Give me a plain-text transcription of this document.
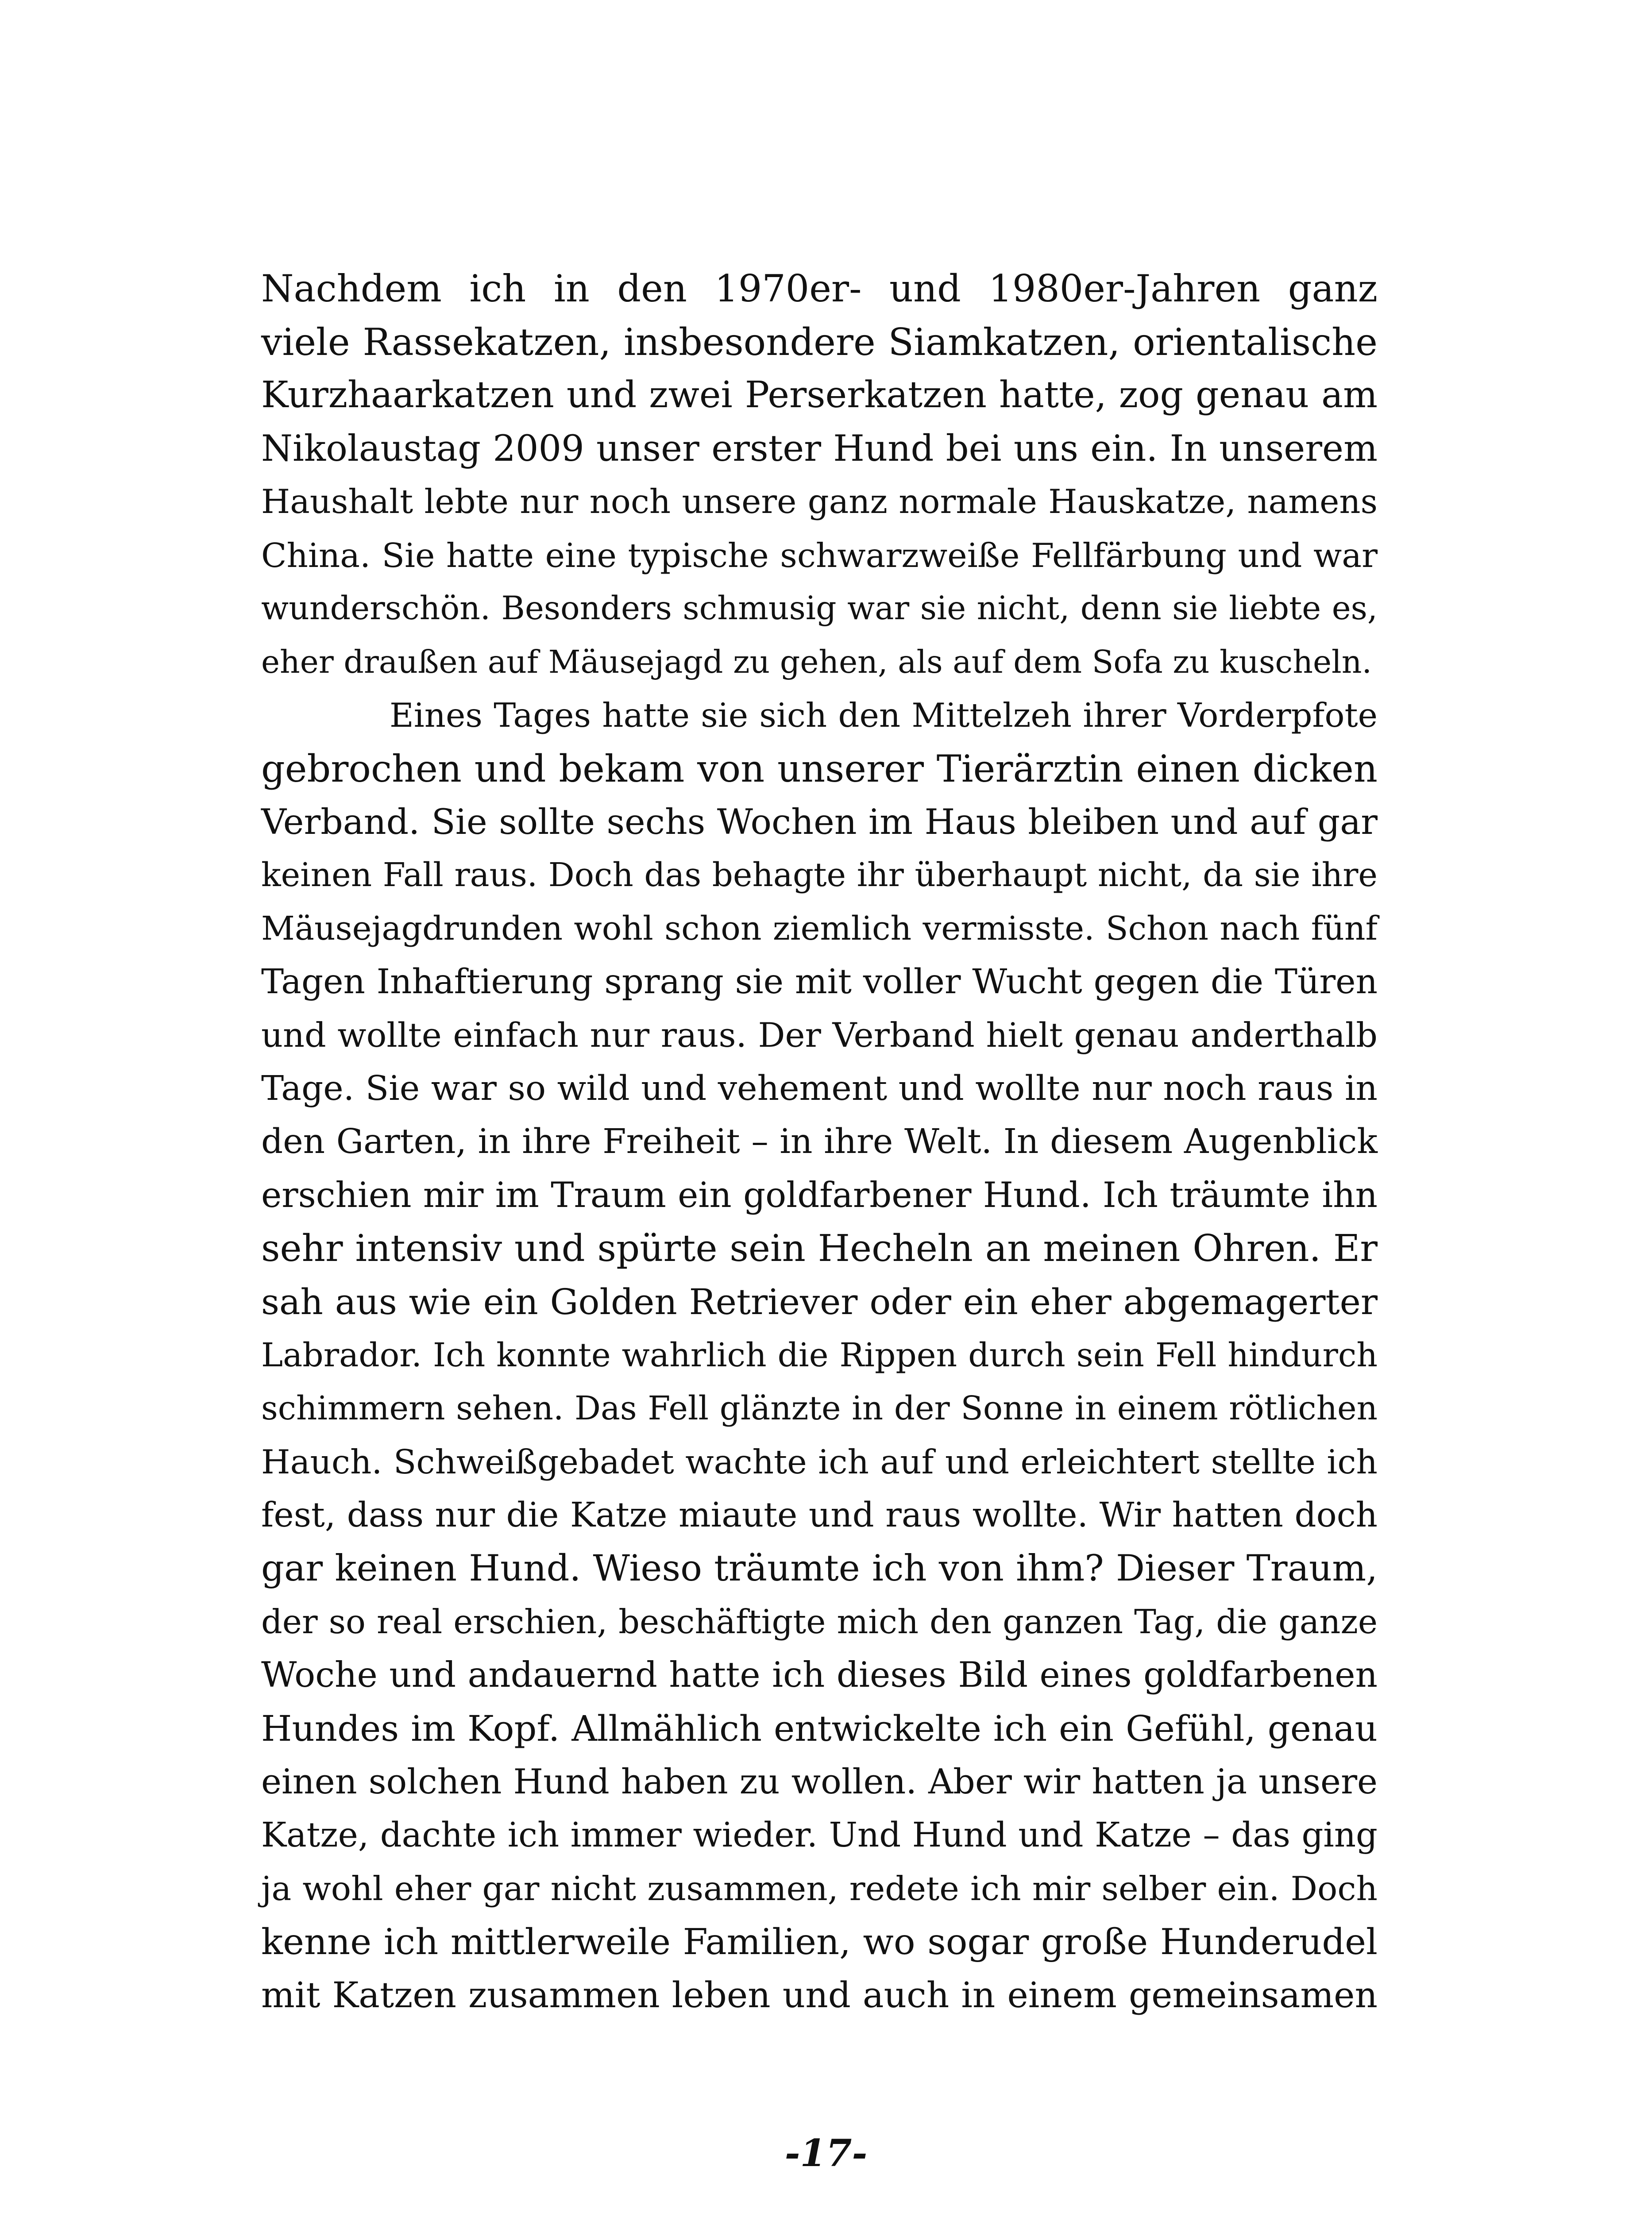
Nachdem ich in den 1970er- und 1980er-Jahren ganz
viele Rassekatzen, insbesondere Siamkatzen, orientalische
Kurzhaarkatzen und zwei Perserkatzen hatte, zog genau am
Nikolaustag 2009 unser erster Hund bei uns ein. In unserem
Haushalt lebte nur noch unsere ganz normale Hauskatze, namens
China. Sie hatte eine typische schwarzweiße Fellfärbung und war
wunderschön. Besonders schmusig war sie nicht, denn sie liebte es,
eher draußen auf Mäusejagd zu gehen, als auf dem Sofa zu kuscheln.
Eines Tages hatte sie sich den Mittelzeh ihrer Vorderpfote
gebrochen und bekam von unserer Tierärztin einen dicken
Verband. Sie sollte sechs Wochen im Haus bleiben und auf gar
keinen Fall raus. Doch das behagte ihr überhaupt nicht, da sie ihre
Mäusejagdrunden wohl schon ziemlich vermisste. Schon nach fünf
Tagen Inhaftierung sprang sie mit voller Wucht gegen die Türen
und wollte einfach nur raus. Der Verband hielt genau anderthalb
Tage. Sie war so wild und vehement und wollte nur noch raus in
den Garten, in ihre Freiheit – in ihre Welt. In diesem Augenblick
erschien mir im Traum ein goldfarbener Hund. Ich träumte ihn
sehr intensiv und spürte sein Hecheln an meinen Ohren. Er
sah aus wie ein Golden Retriever oder ein eher abgemagerter
Labrador. Ich konnte wahrlich die Rippen durch sein Fell hindurch
schimmern sehen. Das Fell glänzte in der Sonne in einem rötlichen
Hauch. Schweißgebadet wachte ich auf und erleichtert stellte ich
fest, dass nur die Katze miaute und raus wollte. Wir hatten doch
gar keinen Hund. Wieso träumte ich von ihm? Dieser Traum,
der so real erschien, beschäftigte mich den ganzen Tag, die ganze
Woche und andauernd hatte ich dieses Bild eines goldfarbenen
Hundes im Kopf. Allmählich entwickelte ich ein Gefühl, genau
einen solchen Hund haben zu wollen. Aber wir hatten ja unsere
Katze, dachte ich immer wieder. Und Hund und Katze – das ging
ja wohl eher gar nicht zusammen, redete ich mir selber ein. Doch
kenne ich mittlerweile Familien, wo sogar große Hunderudel
mit Katzen zusammen leben und auch in einem gemeinsamen
-17-
